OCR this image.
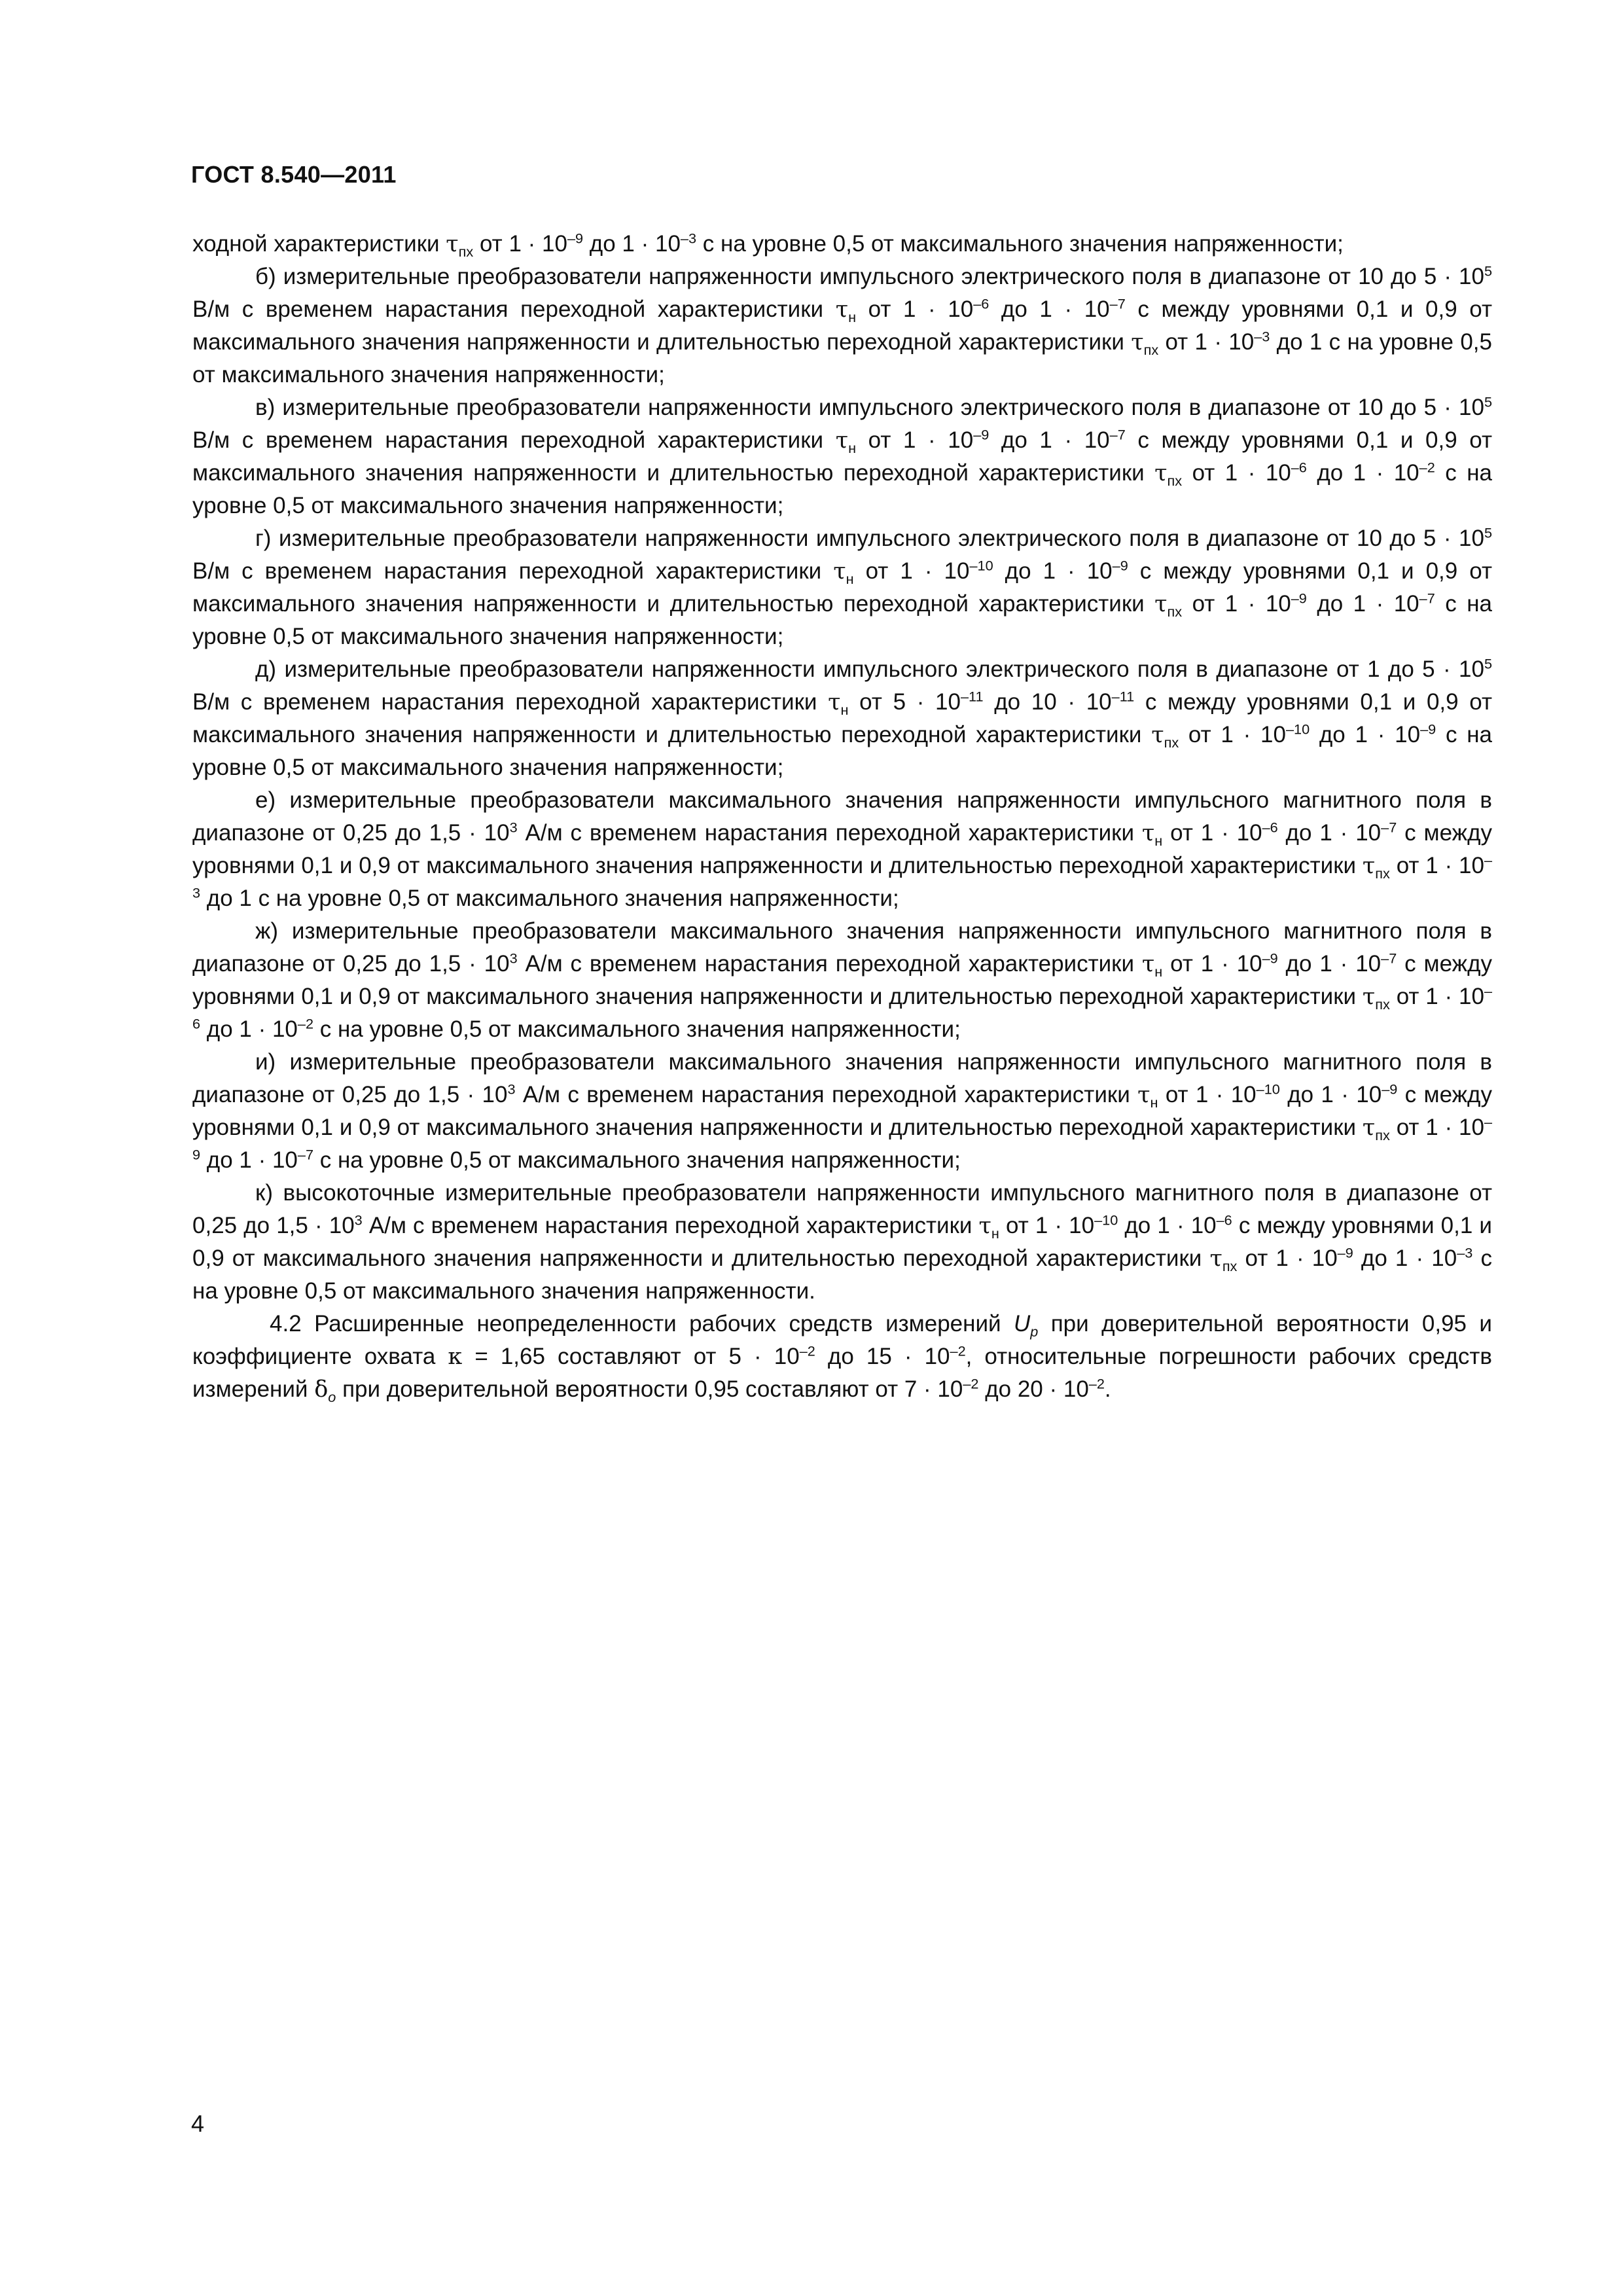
ГОСТ 8.540—2011

ходной характеристики $\tau_{пх}$ от $1 \cdot 10^{-9}$ до $1 \cdot 10^{-3}$ с на уровне 0,5 от максимального значения напряженности;

б) измерительные преобразователи напряженности импульсного электрического поля в диапазоне от 10 до $5 \cdot 10^5$ В/м с временем нарастания переходной характеристики $\tau_н$ от $1 \cdot 10^{-6}$ до $1 \cdot 10^{-7}$ с между уровнями 0,1 и 0,9 от максимального значения напряженности и длительностью переходной характеристики $\tau_{пх}$ от $1 \cdot 10^{-3}$ до 1 с на уровне 0,5 от максимального значения напряженности;

в) измерительные преобразователи напряженности импульсного электрического поля в диапазоне от 10 до $5 \cdot 10^5$ В/м с временем нарастания переходной характеристики $\tau_н$ от $1 \cdot 10^{-9}$ до $1 \cdot 10^{-7}$ с между уровнями 0,1 и 0,9 от максимального значения напряженности и длительностью переходной характеристики $\tau_{пх}$ от $1 \cdot 10^{-6}$ до $1 \cdot 10^{-2}$ с на уровне 0,5 от максимального значения напряженности;

г) измерительные преобразователи напряженности импульсного электрического поля в диапазоне от 10 до $5 \cdot 10^5$ В/м с временем нарастания переходной характеристики $\tau_н$ от $1 \cdot 10^{-10}$ до $1 \cdot 10^{-9}$ с между уровнями 0,1 и 0,9 от максимального значения напряженности и длительностью переходной характеристики $\tau_{пх}$ от $1 \cdot 10^{-9}$ до $1 \cdot 10^{-7}$ с на уровне 0,5 от максимального значения напряженности;

д) измерительные преобразователи напряженности импульсного электрического поля в диапазоне от 1 до $5 \cdot 10^5$ В/м с временем нарастания переходной характеристики $\tau_н$ от $5 \cdot 10^{-11}$ до $10 \cdot 10^{-11}$ с между уровнями 0,1 и 0,9 от максимального значения напряженности и длительностью переходной характеристики $\tau_{пх}$ от $1 \cdot 10^{-10}$ до $1 \cdot 10^{-9}$ с на уровне 0,5 от максимального значения напряженности;

е) измерительные преобразователи максимального значения напряженности импульсного магнитного поля в диапазоне от 0,25 до $1,5 \cdot 10^3$ А/м с временем нарастания переходной характеристики $\tau_н$ от $1 \cdot 10^{-6}$ до $1 \cdot 10^{-7}$ с между уровнями 0,1 и 0,9 от максимального значения напряженности и длительностью переходной характеристики $\tau_{пх}$ от $1 \cdot 10^{-3}$ до 1 с на уровне 0,5 от максимального значения напряженности;

ж) измерительные преобразователи максимального значения напряженности импульсного магнитного поля в диапазоне от 0,25 до $1,5 \cdot 10^3$ А/м с временем нарастания переходной характеристики $\tau_н$ от $1 \cdot 10^{-9}$ до $1 \cdot 10^{-7}$ с между уровнями 0,1 и 0,9 от максимального значения напряженности и длительностью переходной характеристики $\tau_{пх}$ от $1 \cdot 10^{-6}$ до $1 \cdot 10^{-2}$ с на уровне 0,5 от максимального значения напряженности;

и) измерительные преобразователи максимального значения напряженности импульсного магнитного поля в диапазоне от 0,25 до $1,5 \cdot 10^3$ А/м с временем нарастания переходной характеристики $\tau_н$ от $1 \cdot 10^{-10}$ до $1 \cdot 10^{-9}$ с между уровнями 0,1 и 0,9 от максимального значения напряженности и длительностью переходной характеристики $\tau_{пх}$ от $1 \cdot 10^{-9}$ до $1 \cdot 10^{-7}$ с на уровне 0,5 от максимального значения напряженности;

к) высокоточные измерительные преобразователи напряженности импульсного магнитного поля в диапазоне от 0,25 до $1,5 \cdot 10^3$ А/м с временем нарастания переходной характеристики $\tau_н$ от $1 \cdot 10^{-10}$ до $1 \cdot 10^{-6}$ с между уровнями 0,1 и 0,9 от максимального значения напряженности и длительностью переходной характеристики $\tau_{пх}$ от $1 \cdot 10^{-9}$ до $1 \cdot 10^{-3}$ с на уровне 0,5 от максимального значения напряженности.

4.2 Расширенные неопределенности рабочих средств измерений $U_p$ при доверительной вероятности 0,95 и коэффициенте охвата κ = 1,65 составляют от $5 \cdot 10^{-2}$ до $15 \cdot 10^{-2}$, относительные погрешности рабочих средств измерений $\delta_o$ при доверительной вероятности 0,95 составляют от $7 \cdot 10^{-2}$ до $20 \cdot 10^{-2}$.

4
